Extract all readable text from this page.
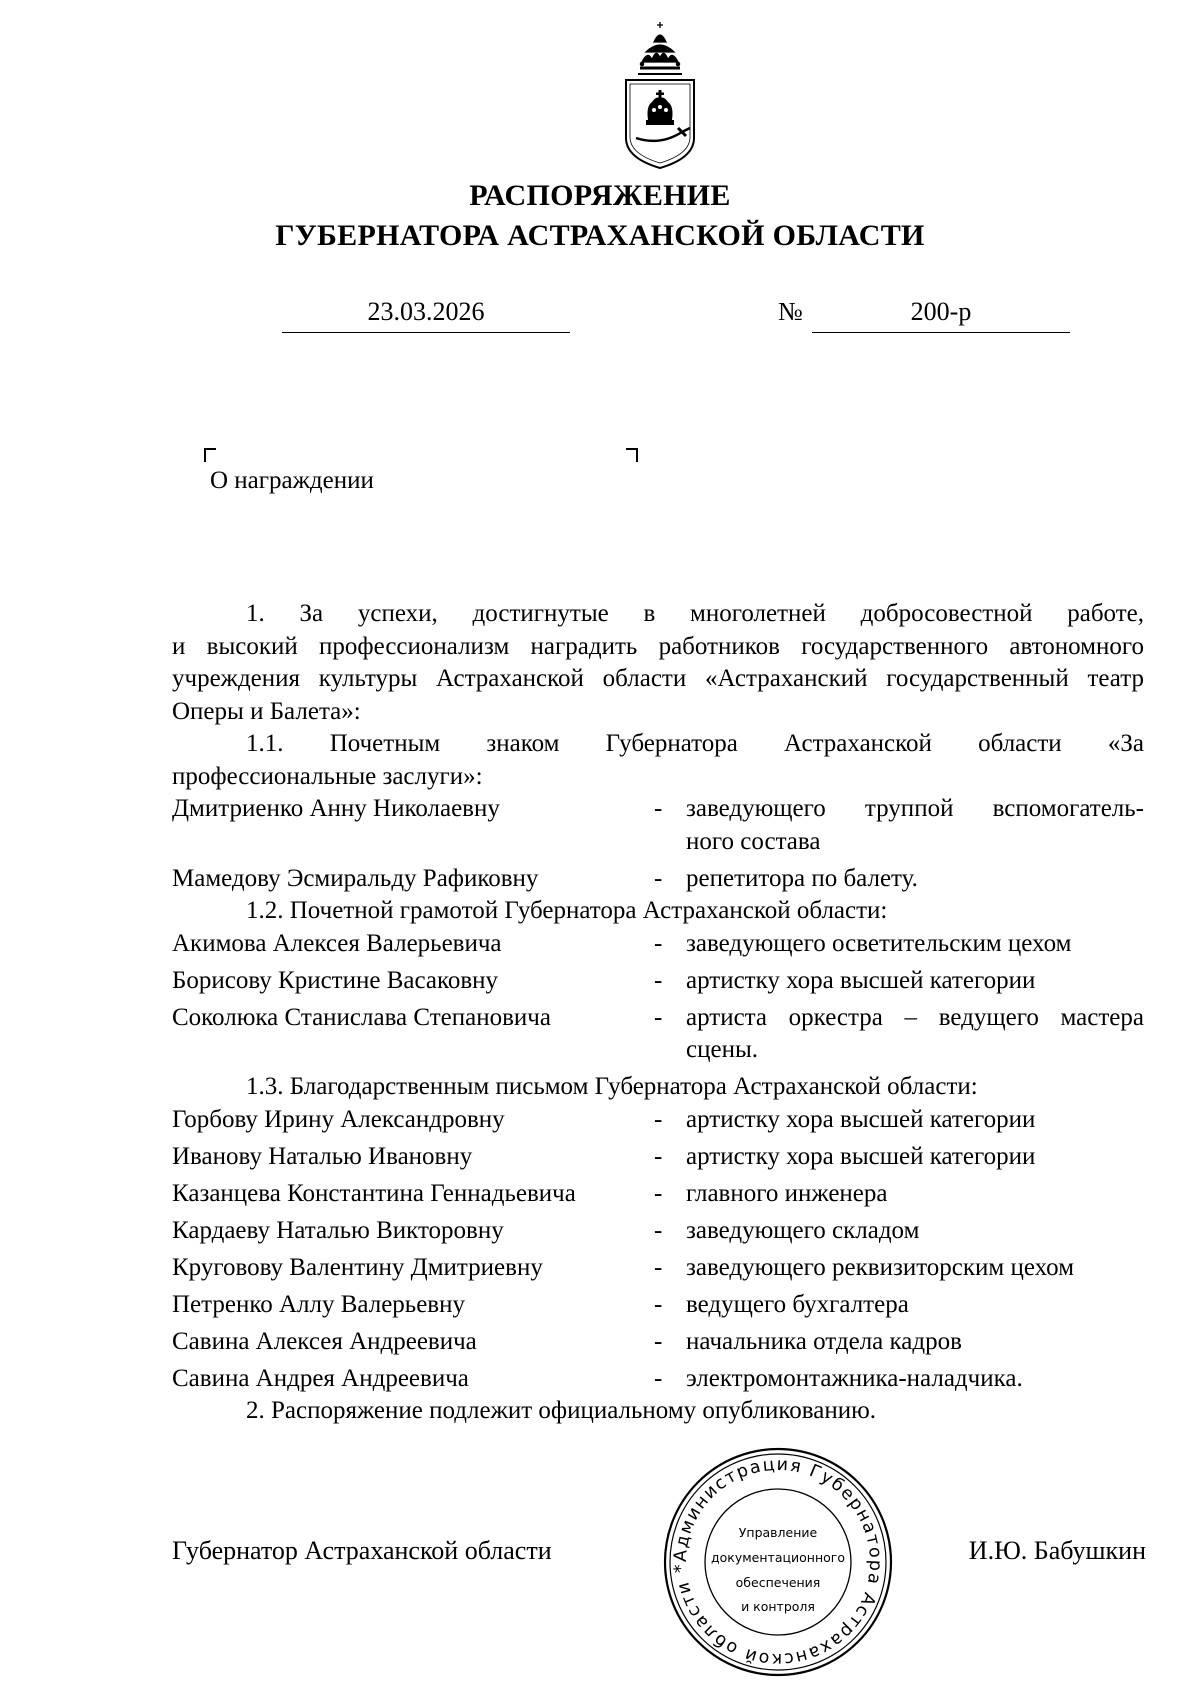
РАСПОРЯЖЕНИЕ
ГУБЕРНАТОРА АСТРАХАНСКОЙ ОБЛАСТИ
23.03.2026	№	200-р
О награждении
1. За успехи, достигнутые в многолетней добросовестной работе,
и высокий профессионализм наградить работников государственного автономного учреждения культуры Астраханской области «Астраханский государственный театр Оперы и Балета»:
1.1. Почетным знаком Губернатора Астраханской области «За
профессиональные заслуги»:
Дмитриенко Анну Николаевну	- заведующего труппой вспомогатель-
ного состава
Мамедову Эсмиральду Рафиковну	- репетитора по балету.
1.2. Почетной грамотой Губернатора Астраханской области:
Акимова Алексея Валерьевича	- заведующего осветительским цехом
Борисову Кристине Васаковну	- артистку хора высшей категории
Соколюка Станислава Степановича	- артиста оркестра – ведущего мастера
сцены.
1.3. Благодарственным письмом Губернатора Астраханской области:
Горбову Ирину Александровну	- артистку хора высшей категории
Иванову Наталью Ивановну	- артистку хора высшей категории
Казанцева Константина Геннадьевича	- главного инженера
Кардаеву Наталью Викторовну	- заведующего складом
Круговову Валентину Дмитриевну	- заведующего реквизиторским цехом
Петренко Аллу Валерьевну	- ведущего бухгалтера
Савина Алексея Андреевича	- начальника отдела кадров
Савина Андрея Андреевича	- электромонтажника-наладчика.
2. Распоряжение подлежит официальному опубликованию.
Губернатор Астраханской области	И.Ю. Бабушкин
Администрация Губернатора Астраханской области *
Управление
документационного
обеспечения
и контроля
